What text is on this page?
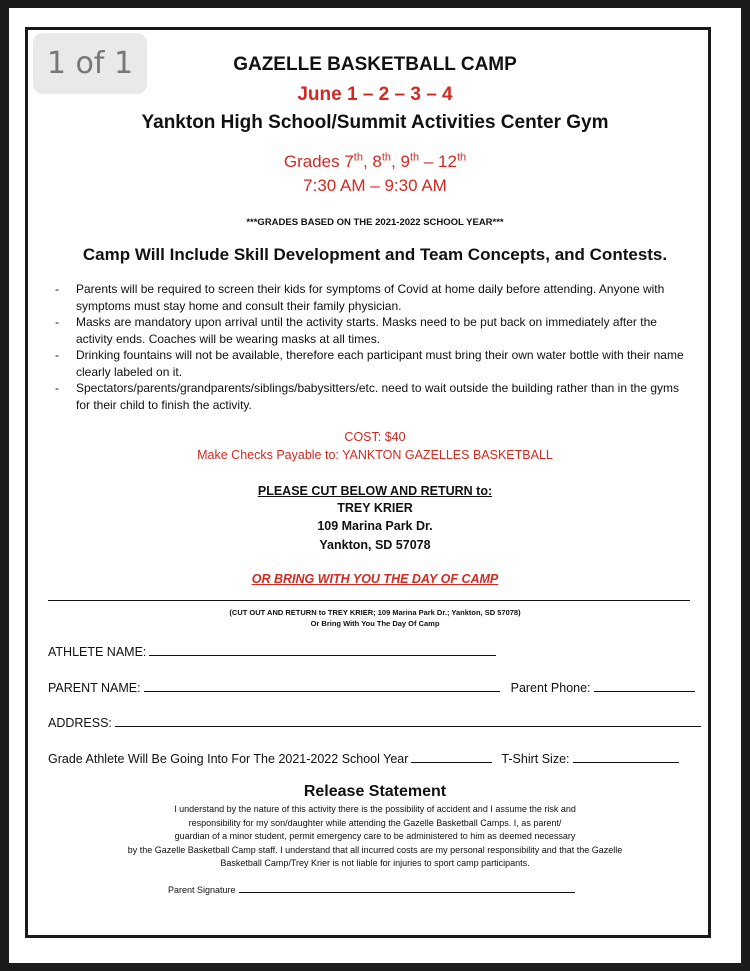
1 of 1	GAZELLE BASKETBALL CAMP
June 1 – 2 – 3 – 4
Yankton High School/Summit Activities Center Gym
Grades 7th, 8th, 9th – 12th
7:30 AM – 9:30 AM
***GRADES BASED ON THE 2021-2022 SCHOOL YEAR***
Camp Will Include Skill Development and Team Concepts, and Contests.
- Parents will be required to screen their kids for symptoms of Covid at home daily before attending. Anyone with symptoms must stay home and consult their family physician.
- Masks are mandatory upon arrival until the activity starts. Masks need to be put back on immediately after the activity ends. Coaches will be wearing masks at all times.
- Drinking fountains will not be available, therefore each participant must bring their own water bottle with their name clearly labeled on it.
- Spectators/parents/grandparents/siblings/babysitters/etc. need to wait outside the building rather than in the gyms for their child to finish the activity.
COST: $40
Make Checks Payable to: YANKTON GAZELLES BASKETBALL
PLEASE CUT BELOW AND RETURN to:
TREY KRIER
109 Marina Park Dr.
Yankton, SD 57078
OR BRING WITH YOU THE DAY OF CAMP
(CUT OUT AND RETURN to TREY KRIER; 109 Marina Park Dr.; Yankton, SD 57078)
Or Bring With You The Day Of Camp
ATHLETE NAME:
PARENT NAME:	Parent Phone:
ADDRESS:
Grade Athlete Will Be Going Into For The 2021-2022 School Year	T-Shirt Size:
Release Statement
I understand by the nature of this activity there is the possibility of accident and I assume the risk and
responsibility for my son/daughter while attending the Gazelle Basketball Camps. I, as parent/
guardian of a minor student, permit emergency care to be administered to him as deemed necessary
by the Gazelle Basketball Camp staff. I understand that all incurred costs are my personal responsibility and that the Gazelle
Basketball Camp/Trey Krier is not liable for injuries to sport camp participants.
Parent Signature
